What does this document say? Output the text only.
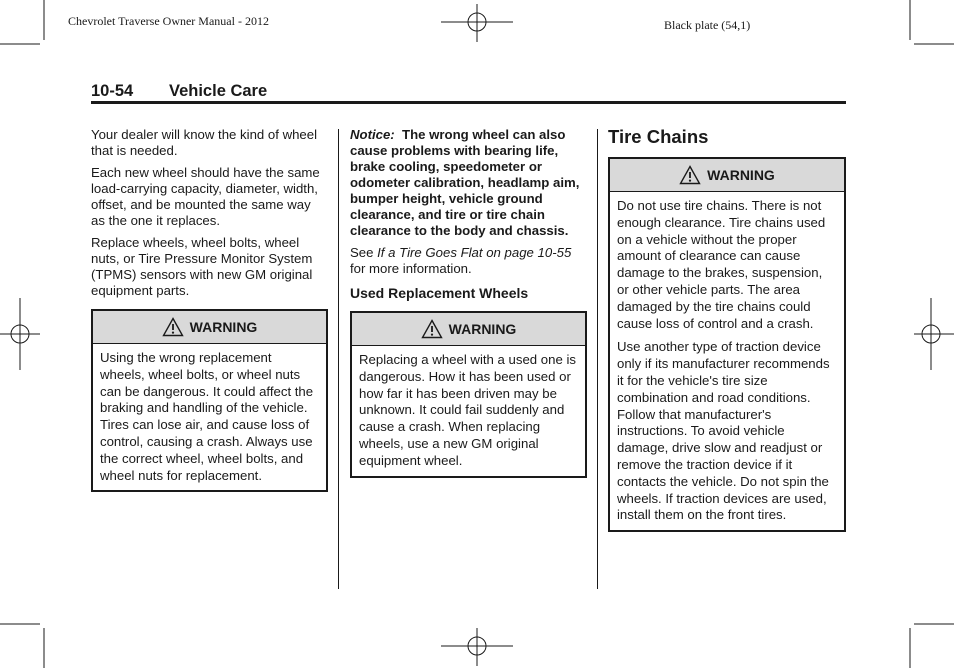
Chevrolet Traverse Owner Manual - 2012	Black plate (54,1)
10-54 Vehicle Care

Your dealer will know the kind of wheel that is needed.

Each new wheel should have the same load-carrying capacity, diameter, width, offset, and be mounted the same way as the one it replaces.

Replace wheels, wheel bolts, wheel nuts, or Tire Pressure Monitor System (TPMS) sensors with new GM original equipment parts.

WARNING

Using the wrong replacement wheels, wheel bolts, or wheel nuts can be dangerous. It could affect the braking and handling of the vehicle. Tires can lose air, and cause loss of control, causing a crash. Always use the correct wheel, wheel bolts, and wheel nuts for replacement.

Notice: The wrong wheel can also cause problems with bearing life, brake cooling, speedometer or odometer calibration, headlamp aim, bumper height, vehicle ground clearance, and tire or tire chain clearance to the body and chassis.

See If a Tire Goes Flat on page 10-55 for more information.

Used Replacement Wheels
WARNING

Replacing a wheel with a used one is dangerous. How it has been used or how far it has been driven may be unknown. It could fail suddenly and cause a crash. When replacing wheels, use a new GM original equipment wheel.

Tire Chains
WARNING

Do not use tire chains. There is not enough clearance. Tire chains used on a vehicle without the proper amount of clearance can cause damage to the brakes, suspension, or other vehicle parts. The area damaged by the tire chains could cause loss of control and a crash.

Use another type of traction device only if its manufacturer recommends it for the vehicle's tire size combination and road conditions. Follow that manufacturer's instructions. To avoid vehicle damage, drive slow and readjust or remove the traction device if it contacts the vehicle. Do not spin the wheels. If traction devices are used, install them on the front tires.
